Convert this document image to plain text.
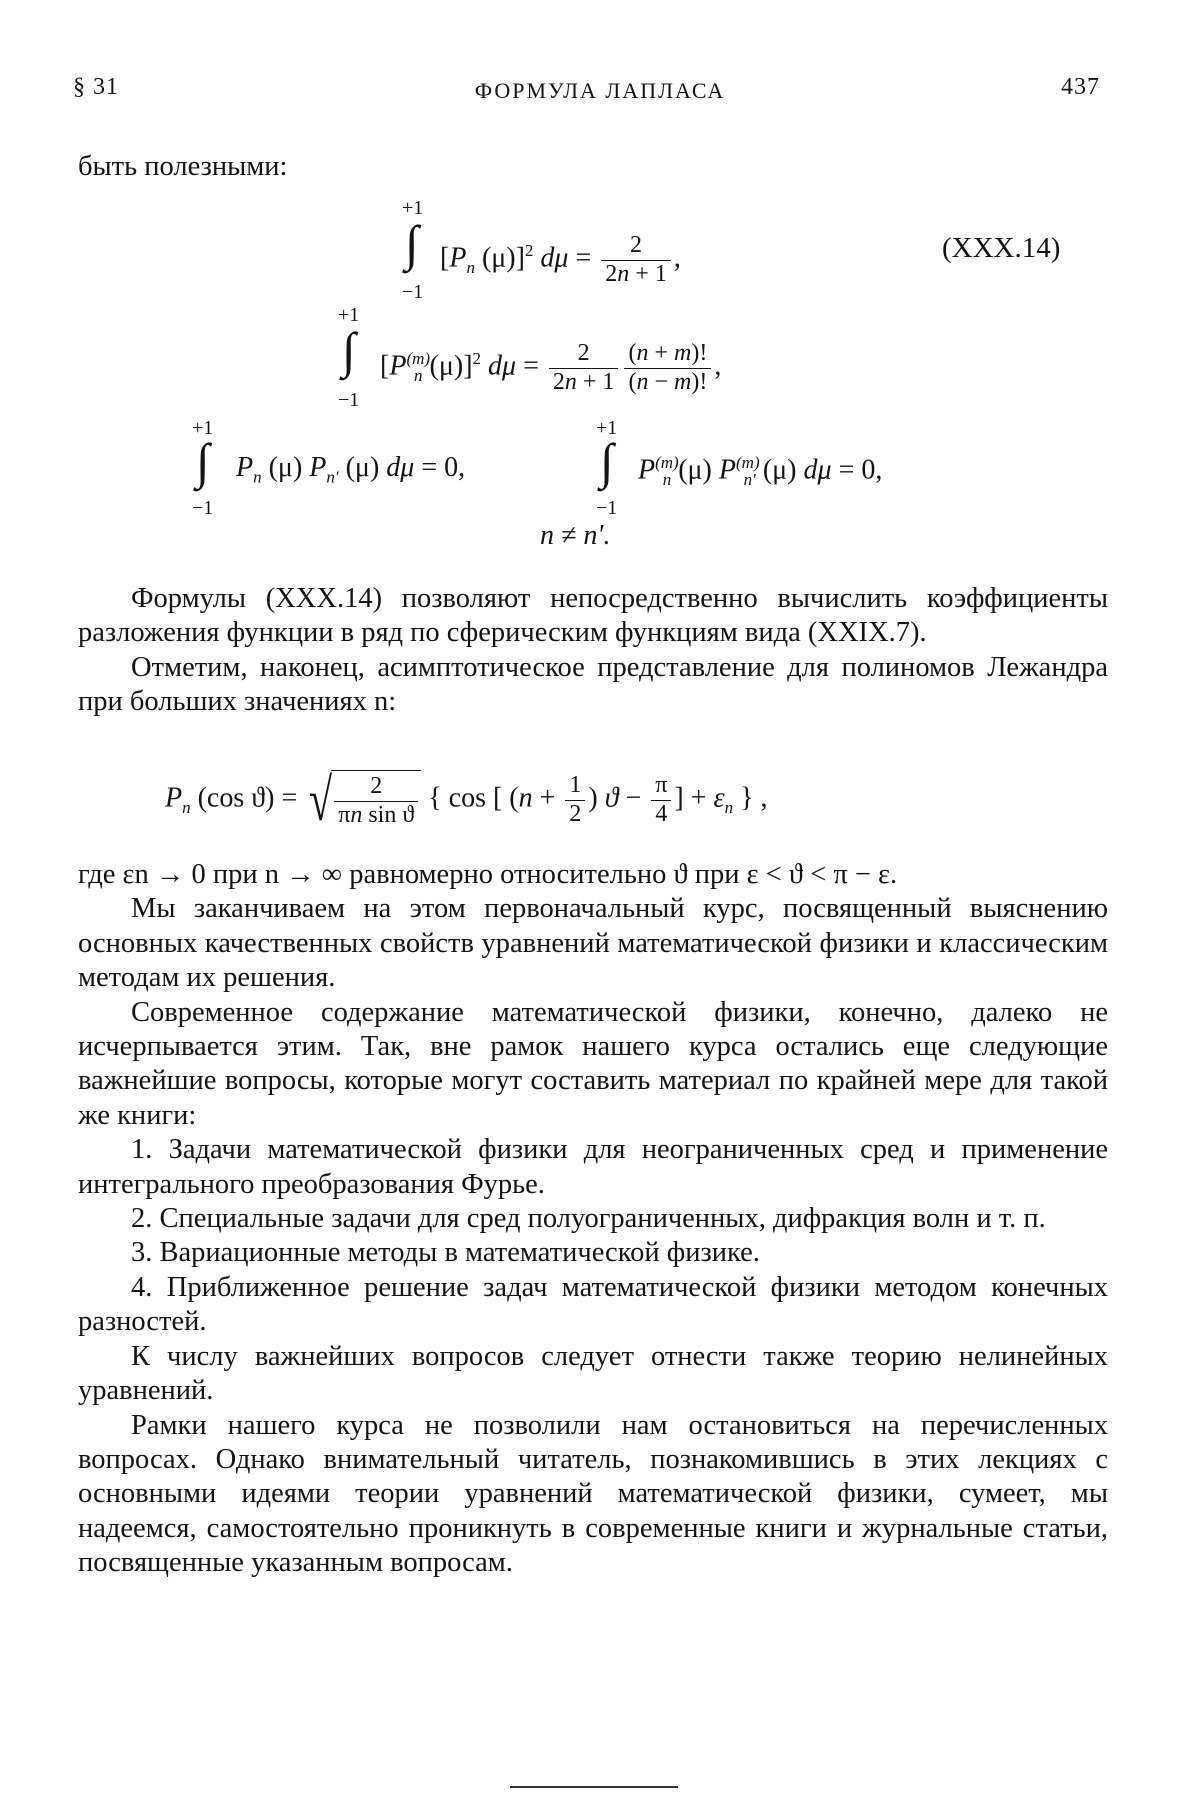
§ 31	ФОРМУЛА ЛАПЛАСА	437
быть полезными:
+1
∫
−1
[$P_n$ (μ)]$^2$ $d\mu = \frac{2}{2n + 1}$ ,	(XXX.14)
+1
∫
−1
[$P^{(m)}_n$ (μ)]$^2$ $d\mu = \frac{2}{2n + 1} \frac{(n + m)!}{(n - m)!}$ ,
+1
∫
−1
$P_n$ (μ) $P_{n'}$ (μ) dμ = 0,
+1
∫
−1
$P^{(m)}_n$ (μ) $P^{(m)}_{n'}$ (μ) dμ = 0,
n ≠ n′.

Формулы (XXX.14) позволяют непосредственно вычислить коэффициенты разложения функции в ряд по сферическим функциям вида (XXIX.7).

Отметим, наконец, асимптотическое представление для полиномов Лежандра при больших значениях n:

$P_n$ (cos ϑ) = √ $\frac{2}{\text{πn sin ϑ}}$ { cos [ ($n + \frac{1}{2}$ ) $ϑ - \frac{\pi}{4}$ ] + $\varepsilon_n$ } ,

где εn → 0 при n → ∞ равномерно относительно ϑ при ε < ϑ < π − ε.

Мы заканчиваем на этом первоначальный курс, посвященный выяснению основных качественных свойств уравнений математической физики и классическим методам их решения.

Современное содержание математической физики, конечно, далеко не исчерпывается этим. Так, вне рамок нашего курса остались еще следующие важнейшие вопросы, которые могут составить материал по крайней мере для такой же книги:

1. Задачи математической физики для неограниченных сред и применение интегрального преобразования Фурье.

2. Специальные задачи для сред полуограниченных, дифракция волн и т. п.

3. Вариационные методы в математической физике.

4. Приближенное решение задач математической физики методом конечных разностей.

К числу важнейших вопросов следует отнести также теорию нелинейных уравнений.

Рамки нашего курса не позволили нам остановиться на перечисленных вопросах. Однако внимательный читатель, познакомившись в этих лекциях с основными идеями теории уравнений математической физики, сумеет, мы надеемся, самостоятельно проникнуть в современные книги и журнальные статьи, посвященные указанным вопросам.
